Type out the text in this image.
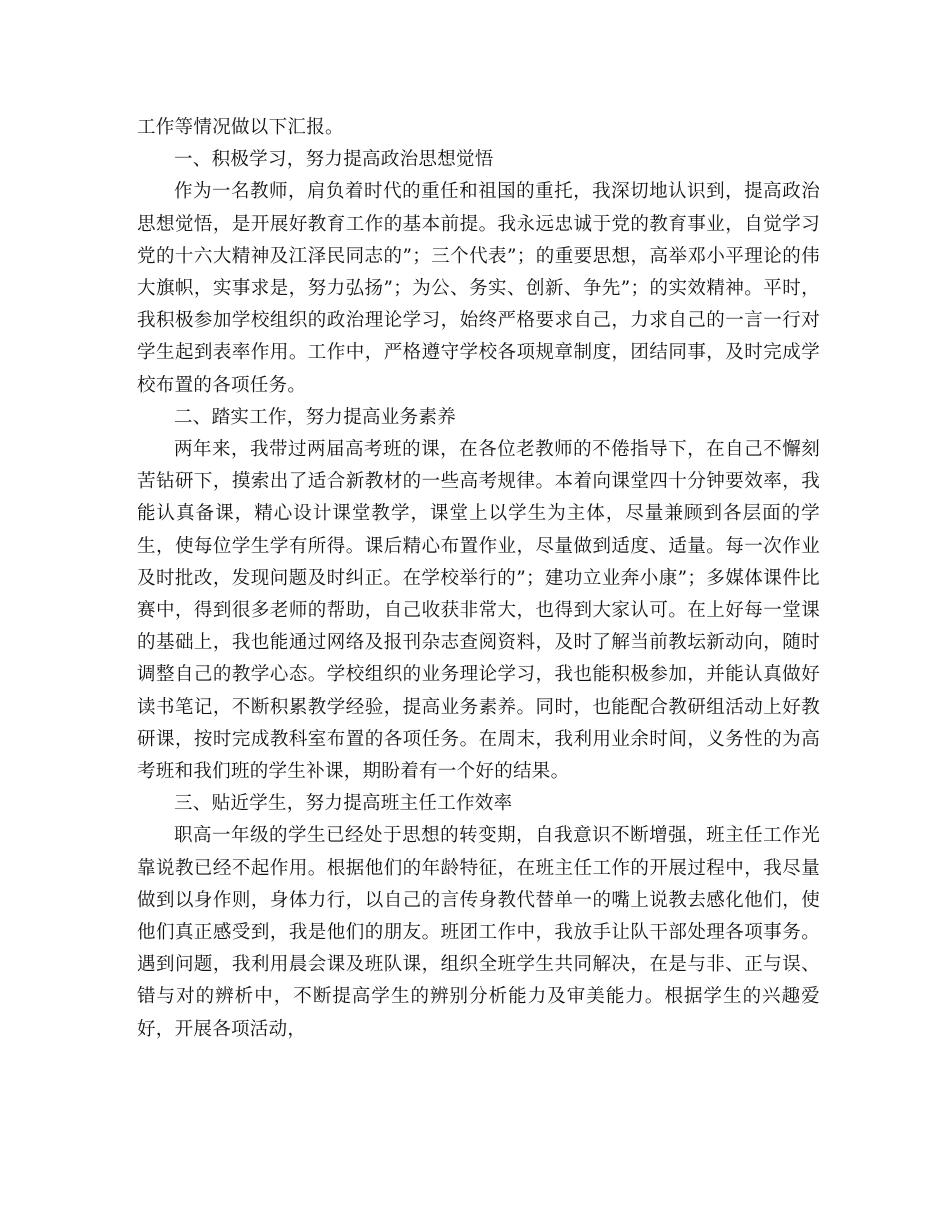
工作等情况做以下汇报。

一、积极学习，努力提高政治思想觉悟

作为一名教师，肩负着时代的重任和祖国的重托，我深切地认识到，提高政治思想觉悟，是开展好教育工作的基本前提。我永远忠诚于党的教育事业，自觉学习党的十六大精神及江泽民同志的”；三个代表”；的重要思想，高举邓小平理论的伟大旗帜，实事求是，努力弘扬”；为公、务实、创新、争先”；的实效精神。平时，我积极参加学校组织的政治理论学习，始终严格要求自己，力求自己的一言一行对学生起到表率作用。工作中，严格遵守学校各项规章制度，团结同事，及时完成学校布置的各项任务。

二、踏实工作，努力提高业务素养

两年来，我带过两届高考班的课，在各位老教师的不倦指导下，在自己不懈刻苦钻研下，摸索出了适合新教材的一些高考规律。本着向课堂四十分钟要效率，我能认真备课，精心设计课堂教学，课堂上以学生为主体，尽量兼顾到各层面的学生，使每位学生学有所得。课后精心布置作业，尽量做到适度、适量。每一次作业及时批改，发现问题及时纠正。在学校举行的”；建功立业奔小康”；多媒体课件比赛中，得到很多老师的帮助，自己收获非常大，也得到大家认可。在上好每一堂课的基础上，我也能通过网络及报刊杂志查阅资料，及时了解当前教坛新动向，随时调整自己的教学心态。学校组织的业务理论学习，我也能积极参加，并能认真做好读书笔记，不断积累教学经验，提高业务素养。同时，也能配合教研组活动上好教研课，按时完成教科室布置的各项任务。在周末，我利用业余时间，义务性的为高考班和我们班的学生补课，期盼着有一个好的结果。

三、贴近学生，努力提高班主任工作效率

职高一年级的学生已经处于思想的转变期，自我意识不断增强，班主任工作光靠说教已经不起作用。根据他们的年龄特征，在班主任工作的开展过程中，我尽量做到以身作则，身体力行，以自己的言传身教代替单一的嘴上说教去感化他们，使他们真正感受到，我是他们的朋友。班团工作中，我放手让队干部处理各项事务。遇到问题，我利用晨会课及班队课，组织全班学生共同解决，在是与非、正与误、错与对的辨析中，不断提高学生的辨别分析能力及审美能力。根据学生的兴趣爱好，开展各项活动，
